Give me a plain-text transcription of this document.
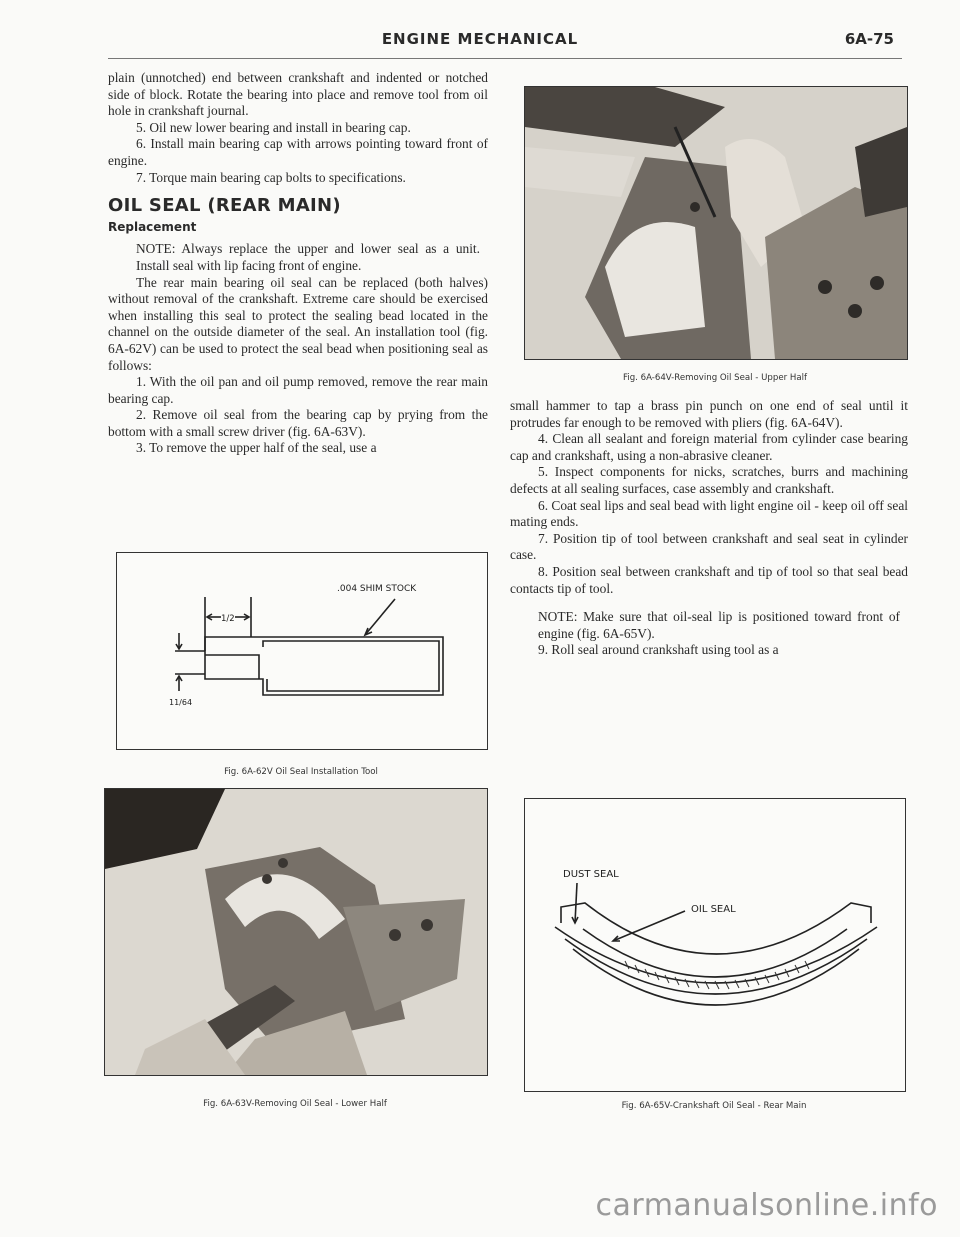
ENGINE MECHANICAL	6A-75

plain (unnotched) end between crankshaft and indented or notched side of block. Rotate the bearing into place and remove tool from oil hole in crankshaft journal.

5. Oil new lower bearing and install in bearing cap.

6. Install main bearing cap with arrows pointing toward front of engine.

7. Torque main bearing cap bolts to specifications.

OIL SEAL (REAR MAIN)
Replacement

NOTE: Always replace the upper and lower seal as a unit. Install seal with lip facing front of engine.

The rear main bearing oil seal can be replaced (both halves) without removal of the crankshaft. Extreme care should be exercised when installing this seal to protect the sealing bead located in the channel on the outside diameter of the seal. An installation tool (fig. 6A-62V) can be used to protect the seal bead when positioning seal as follows:

1. With the oil pan and oil pump removed, remove the rear main bearing cap.

2. Remove oil seal from the bearing cap by prying from the bottom with a small screw driver (fig. 6A-63V).

3. To remove the upper half of the seal, use a

1/2
.004 SHIM STOCK
11/64
Fig. 6A-62V Oil Seal Installation Tool
Fig. 6A-63V-Removing Oil Seal - Lower Half
Fig. 6A-64V-Removing Oil Seal - Upper Half

small hammer to tap a brass pin punch on one end of seal until it protrudes far enough to be removed with pliers (fig. 6A-64V).

4. Clean all sealant and foreign material from cylinder case bearing cap and crankshaft, using a non-abrasive cleaner.

5. Inspect components for nicks, scratches, burrs and machining defects at all sealing surfaces, case assembly and crankshaft.

6. Coat seal lips and seal bead with light engine oil - keep oil off seal mating ends.

7. Position tip of tool between crankshaft and seal seat in cylinder case.

8. Position seal between crankshaft and tip of tool so that seal bead contacts tip of tool.

NOTE: Make sure that oil-seal lip is positioned toward front of engine (fig. 6A-65V).

9. Roll seal around crankshaft using tool as a

DUST SEAL
OIL SEAL
Fig. 6A-65V-Crankshaft Oil Seal - Rear Main
carmanualsonline.info
